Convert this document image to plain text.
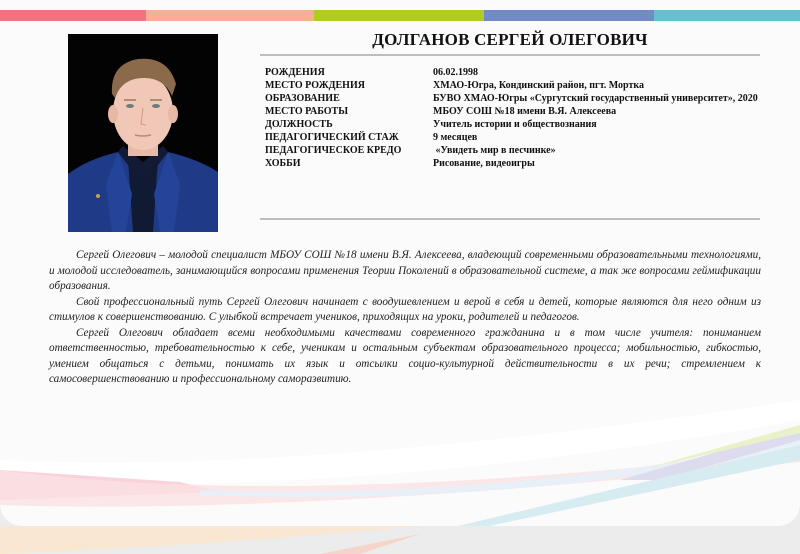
ДОЛГАНОВ СЕРГЕЙ ОЛЕГОВИЧ
РОЖДЕНИЯ	06.02.1998
МЕСТО РОЖДЕНИЯ	ХМАО-Югра, Кондинский район, пгт. Мортка
ОБРАЗОВАНИЕ	БУВО ХМАО-Югры «Сургутский государственный университет», 2020
МЕСТО РАБОТЫ	МБОУ СОШ №18 имени В.Я. Алексеева
ДОЛЖНОСТЬ	Учитель истории и обществознания
ПЕДАГОГИЧЕСКИЙ СТАЖ	9 месяцев
ПЕДАГОГИЧЕСКОЕ КРЕДО	«Увидеть мир в песчинке»
ХОББИ	Рисование, видеоигры

Сергей Олегович – молодой специалист МБОУ СОШ №18 имени В.Я. Алексеева, владеющий современными образовательными технологиями, и молодой исследователь, занимающийся вопросами применения Теории Поколений в образовательной системе, а так же вопросами геймификации образования.

Свой профессиональный путь Сергей Олегович начинает с воодушевлением и верой в себя и детей, которые являются для него одним из стимулов к совершенствованию. С улыбкой встречает учеников, приходящих на уроки, родителей и педагогов.

Сергей Олегович обладает всеми необходимыми качествами современного гражданина и в том числе учителя: пониманием ответственностью, требовательностью к себе, ученикам и остальным субъектам образовательного процесса; мобильностью, гибкостью, умением общаться с детьми, понимать их язык и отсылки социо-культурной действительности в их речи; стремлением к самосовершенствованию и профессиональному саморазвитию.
